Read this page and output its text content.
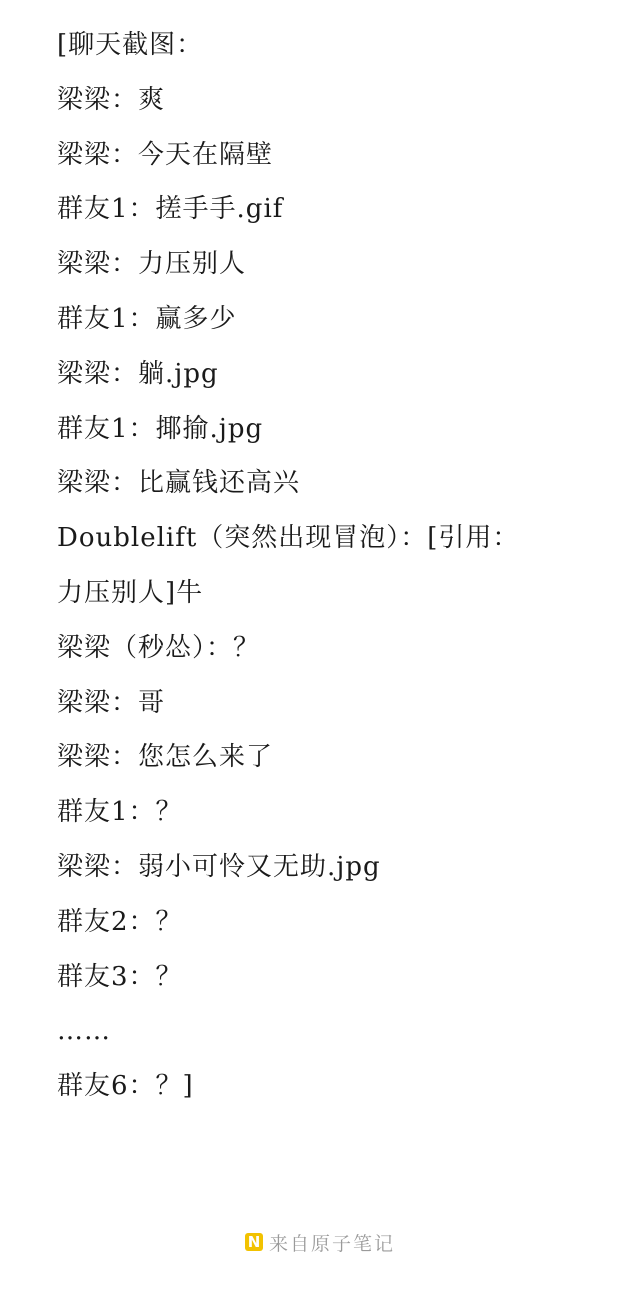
[聊天截图：
梁梁：爽
梁梁：今天在隔壁
群友1：搓手手.gif
梁梁：力压别人
群友1：赢多少
梁梁：躺.jpg
群友1：揶揄.jpg
梁梁：比赢钱还高兴
Doublelift（突然出现冒泡）：[引用：
力压别人]牛
梁梁（秒怂）：？
梁梁：哥
梁梁：您怎么来了
群友1：？
梁梁：弱小可怜又无助.jpg
群友2：？
群友3：？
……
群友6：？]
N 来自原子笔记
